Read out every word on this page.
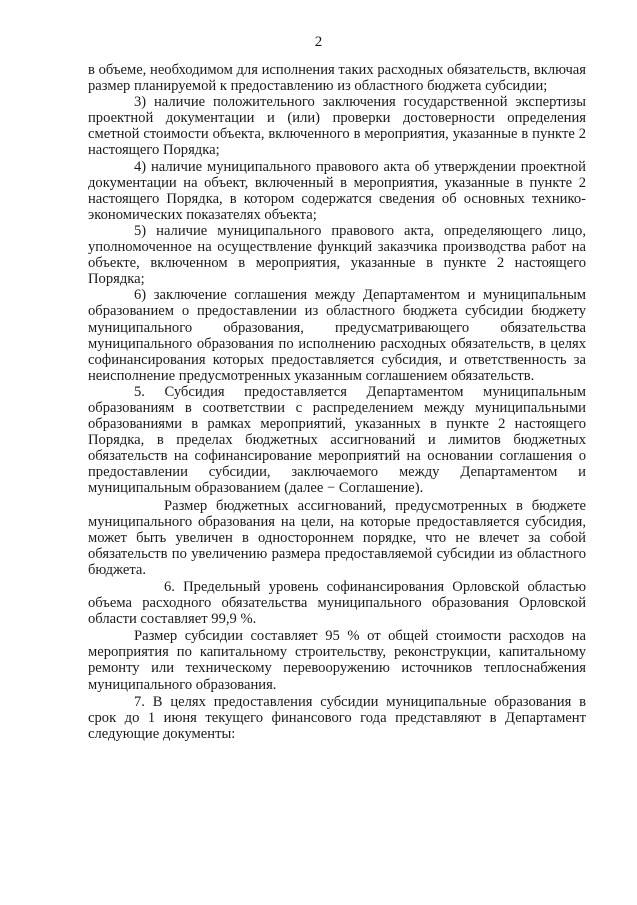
2

в объеме, необходимом для исполнения таких расходных обязательств, включая размер планируемой к предоставлению из областного бюджета субсидии;

3) наличие положительного заключения государственной экспертизы проектной документации и (или) проверки достоверности определения сметной стоимости объекта, включенного в мероприятия, указанные в пункте 2 настоящего Порядка;

4) наличие муниципального правового акта об утверждении проектной документации на объект, включенный в мероприятия, указанные в пункте 2 настоящего Порядка, в котором содержатся сведения об основных технико-экономических показателях объекта;

5) наличие муниципального правового акта, определяющего лицо, уполномоченное на осуществление функций заказчика производства работ на объекте, включенном в мероприятия, указанные в пункте 2 настоящего Порядка;

6) заключение соглашения между Департаментом и муниципальным образованием о предоставлении из областного бюджета субсидии бюджету муниципального образования, предусматривающего обязательства муниципального образования по исполнению расходных обязательств, в целях софинансирования которых предоставляется субсидия, и ответственность за неисполнение предусмотренных указанным соглашением обязательств.

5. Субсидия предоставляется Департаментом муниципальным образованиям в соответствии с распределением между муниципальными образованиями в рамках мероприятий, указанных в пункте 2 настоящего Порядка, в пределах бюджетных ассигнований и лимитов бюджетных обязательств на софинансирование мероприятий на основании соглашения о предоставлении субсидии, заключаемого между Департаментом и муниципальным образованием (далее − Соглашение).

Размер бюджетных ассигнований, предусмотренных в бюджете муниципального образования на цели, на которые предоставляется субсидия, может быть увеличен в одностороннем порядке, что не влечет за собой обязательств по увеличению размера предоставляемой субсидии из областного бюджета.

6. Предельный уровень софинансирования Орловской областью объема расходного обязательства муниципального образования Орловской области составляет 99,9 %.

Размер субсидии составляет 95 % от общей стоимости расходов на мероприятия по капитальному строительству, реконструкции, капитальному ремонту или техническому перевооружению источников теплоснабжения муниципального образования.

7. В целях предоставления субсидии муниципальные образования в срок до 1 июня текущего финансового года представляют в Департамент следующие документы:
